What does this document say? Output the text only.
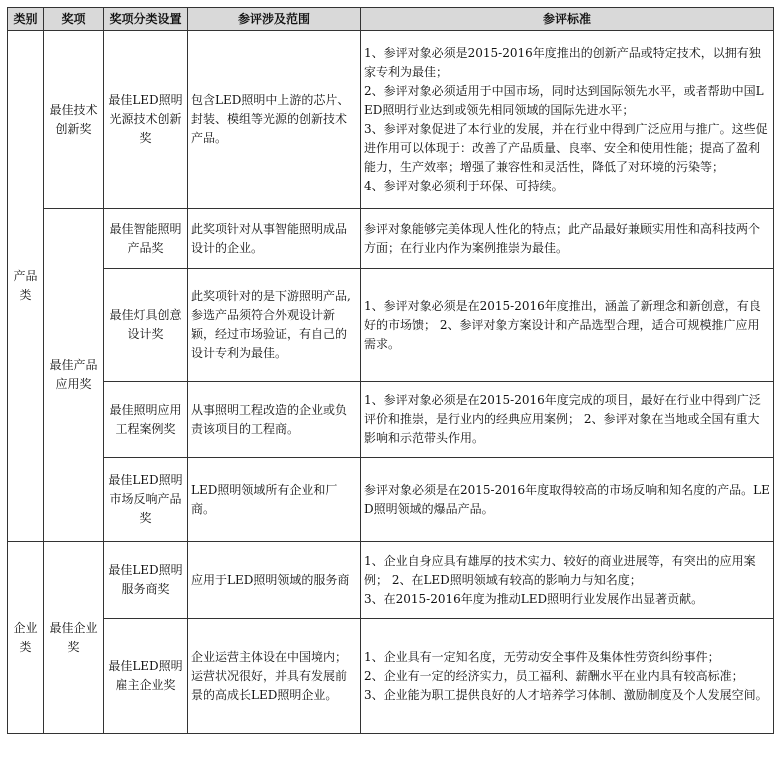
类别	奖项	奖项分类设置	参评涉及范围	参评标准
产品类	最佳技术创新奖	最佳LED照明光源技术创新奖	包含LED照明中上游的芯片、封装、模组等光源的创新技术产品。	1、参评对象必须是2015-2016年度推出的创新产品或特定技术，以拥有独家专利为最佳；
2、参评对象必须适用于中国市场，同时达到国际领先水平，或者帮助中国LED照明行业达到或领先相同领域的国际先进水平；
3、参评对象促进了本行业的发展，并在行业中得到广泛应用与推广。这些促进作用可以体现于：改善了产品质量、良率、安全和使用性能；提高了盈利能力，生产效率；增强了兼容性和灵活性，降低了对环境的污染等；
4、参评对象必须利于环保、可持续。

	最佳产品应用奖	最佳智能照明产品奖	此奖项针对从事智能照明成品设计的企业。	参评对象能够完美体现人性化的特点；此产品最好兼顾实用性和高科技两个方面；在行业内作为案例推崇为最佳。

		最佳灯具创意设计奖	此奖项针对的是下游照明产品,参选产品须符合外观设计新颖，经过市场验证，有自己的设计专利为最佳。	1、参评对象必须是在2015-2016年度推出，涵盖了新理念和新创意，有良好的市场馈； 2、参评对象方案设计和产品选型合理，适合可规模推广应用需求。

		最佳照明应用工程案例奖	从事照明工程改造的企业或负责该项目的工程商。	1、参评对象必须是在2015-2016年度完成的项目，最好在行业中得到广泛评价和推崇，是行业内的经典应用案例； 2、参评对象在当地或全国有重大影响和示范带头作用。

		最佳LED照明市场反响产品奖	LED照明领域所有企业和厂商。	参评对象必须是在2015-2016年度取得较高的市场反响和知名度的产品。LED照明领域的爆品产品。

企业类	最佳企业奖	最佳LED照明服务商奖	应用于LED照明领域的服务商	1、企业自身应具有雄厚的技术实力、较好的商业进展等，有突出的应用案例； 2、在LED照明领域有较高的影响力与知名度；
3、在2015-2016年度为推动LED照明行业发展作出显著贡献。

		最佳LED照明雇主企业奖	企业运营主体设在中国境内；运营状况很好，并具有发展前景的高成长LED照明企业。	1、企业具有一定知名度，无劳动安全事件及集体性劳资纠纷事件；
2、企业有一定的经济实力，员工福利、薪酬水平在业内具有较高标准；
3、企业能为职工提供良好的人才培养学习体制、激励制度及个人发展空间。
